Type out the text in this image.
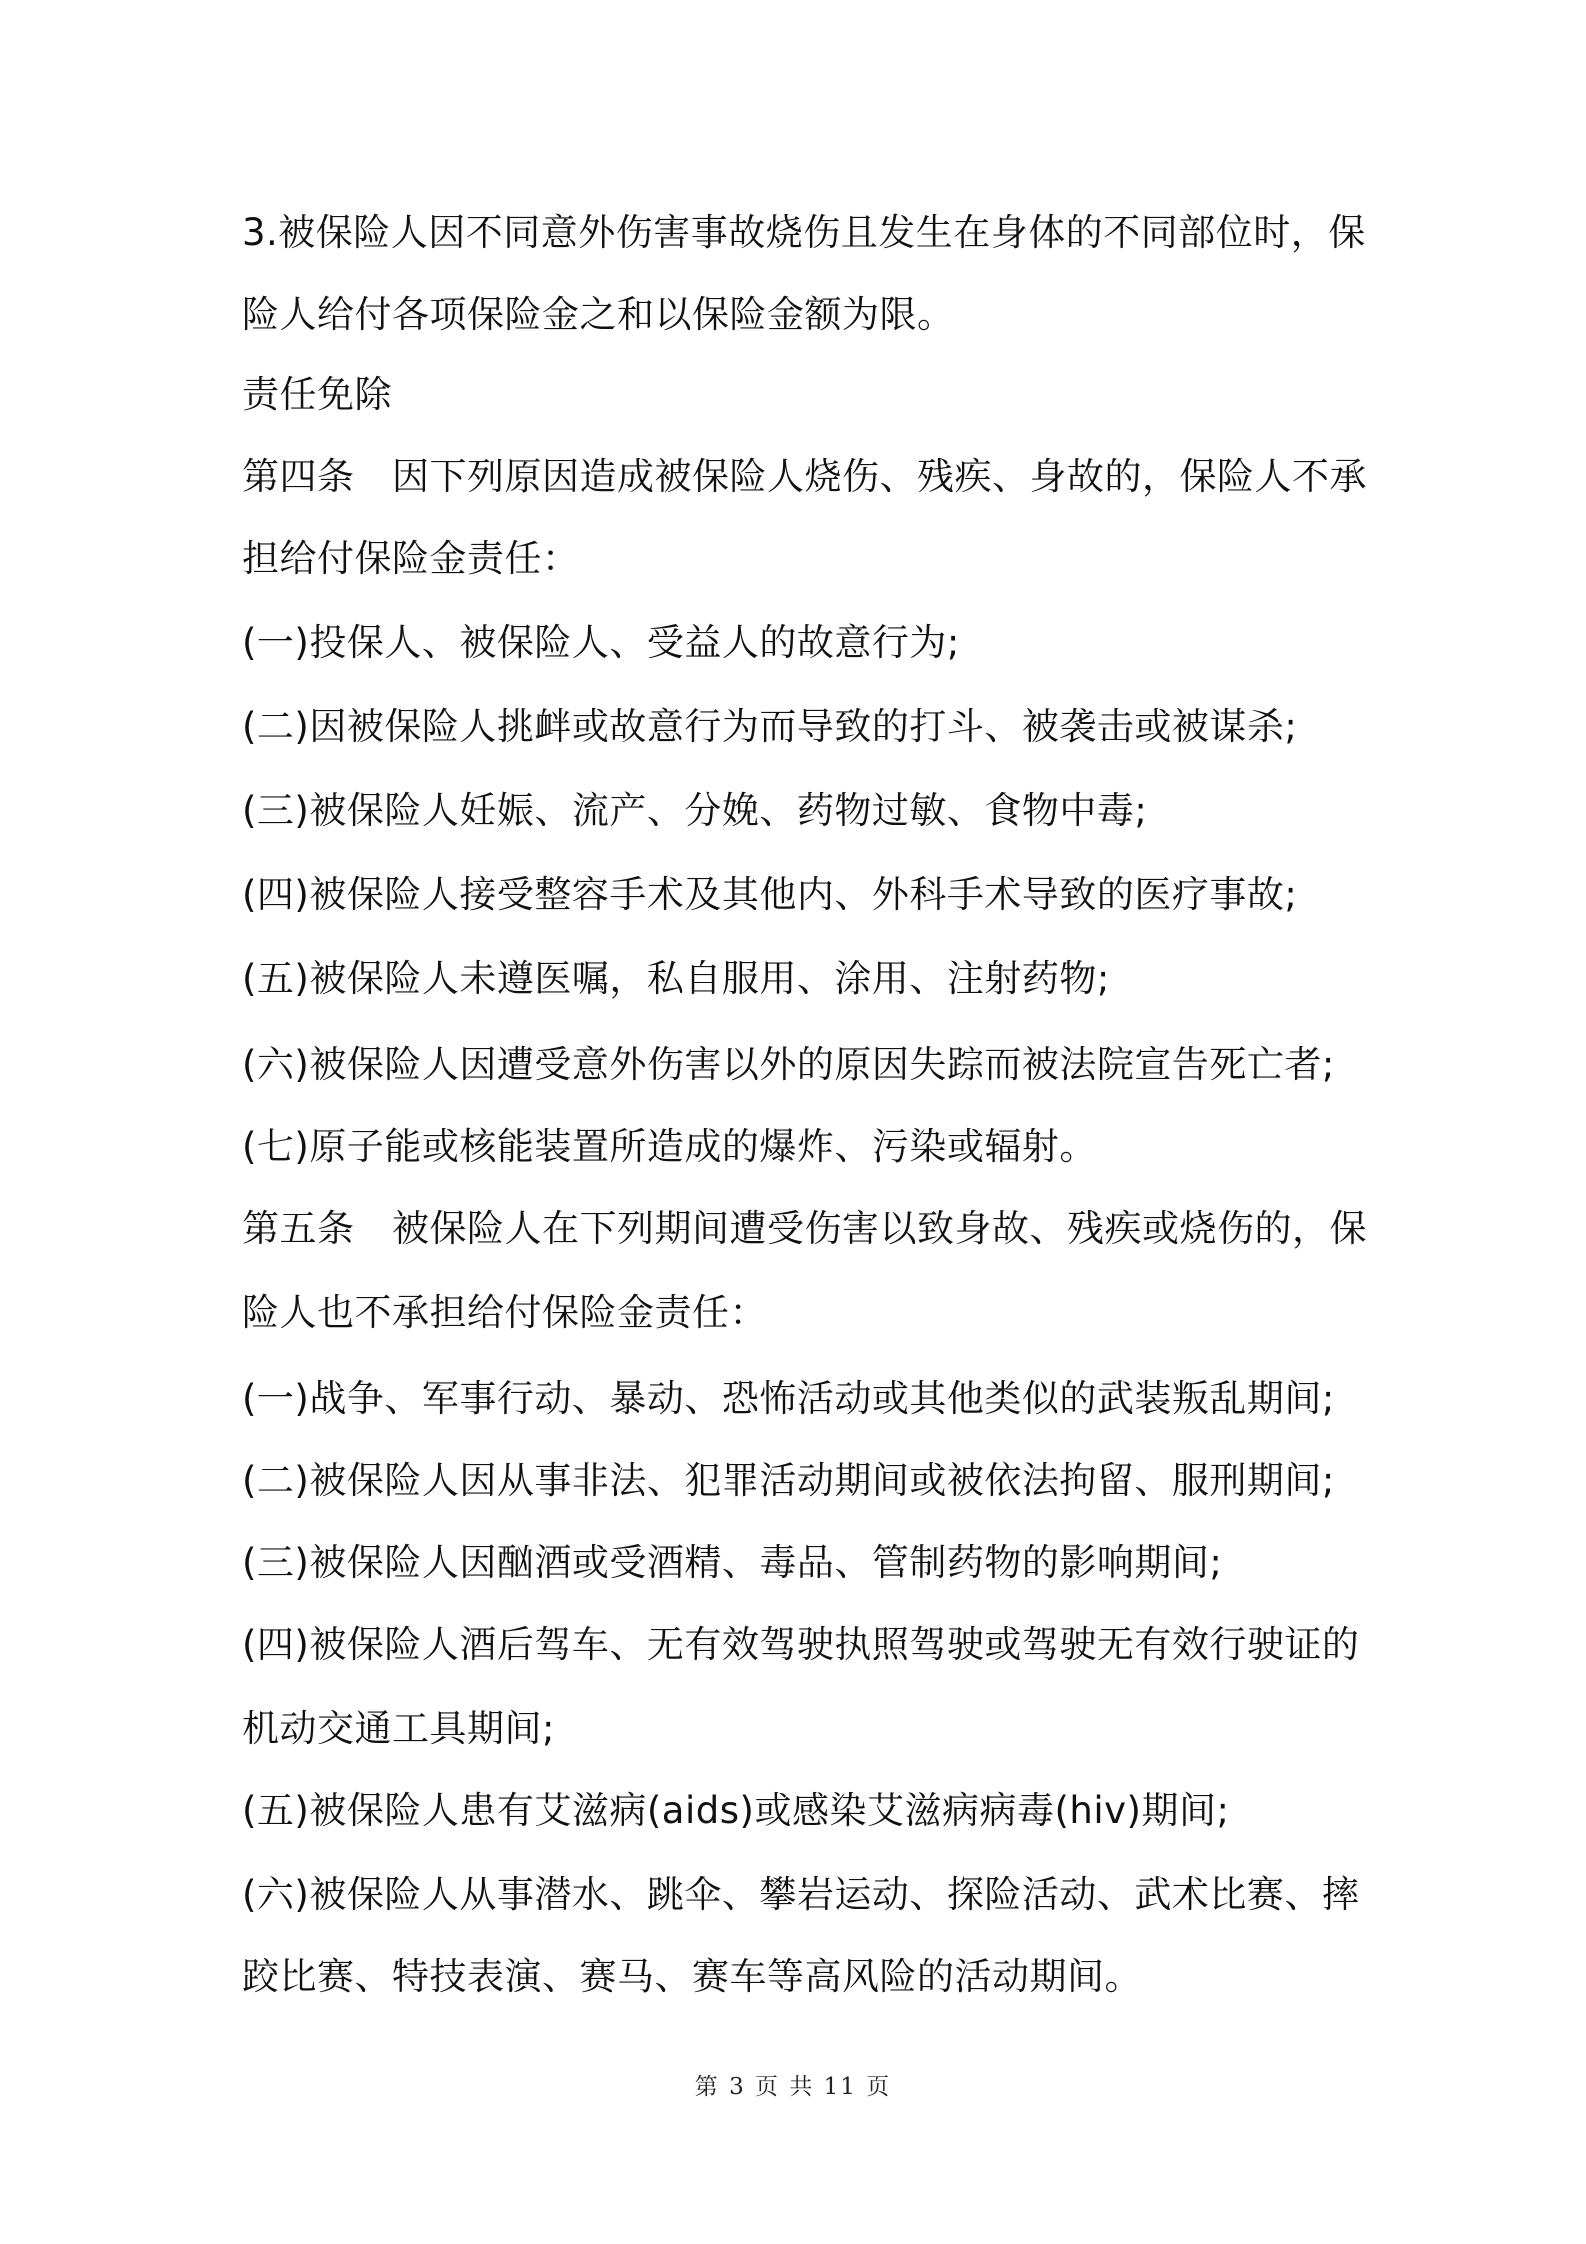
3.被保险人因不同意外伤害事故烧伤且发生在身体的不同部位时，保
险人给付各项保险金之和以保险金额为限。
责任免除
第四条　因下列原因造成被保险人烧伤、残疾、身故的，保险人不承
担给付保险金责任：
(一)投保人、被保险人、受益人的故意行为;
(二)因被保险人挑衅或故意行为而导致的打斗、被袭击或被谋杀;
(三)被保险人妊娠、流产、分娩、药物过敏、食物中毒;
(四)被保险人接受整容手术及其他内、外科手术导致的医疗事故;
(五)被保险人未遵医嘱，私自服用、涂用、注射药物;
(六)被保险人因遭受意外伤害以外的原因失踪而被法院宣告死亡者;
(七)原子能或核能装置所造成的爆炸、污染或辐射。
第五条　被保险人在下列期间遭受伤害以致身故、残疾或烧伤的，保
险人也不承担给付保险金责任：
(一)战争、军事行动、暴动、恐怖活动或其他类似的武装叛乱期间;
(二)被保险人因从事非法、犯罪活动期间或被依法拘留、服刑期间;
(三)被保险人因酗酒或受酒精、毒品、管制药物的影响期间;
(四)被保险人酒后驾车、无有效驾驶执照驾驶或驾驶无有效行驶证的
机动交通工具期间;
(五)被保险人患有艾滋病(aids)或感染艾滋病病毒(hiv)期间;
(六)被保险人从事潜水、跳伞、攀岩运动、探险活动、武术比赛、摔
跤比赛、特技表演、赛马、赛车等高风险的活动期间。
第 3 页 共 11 页
